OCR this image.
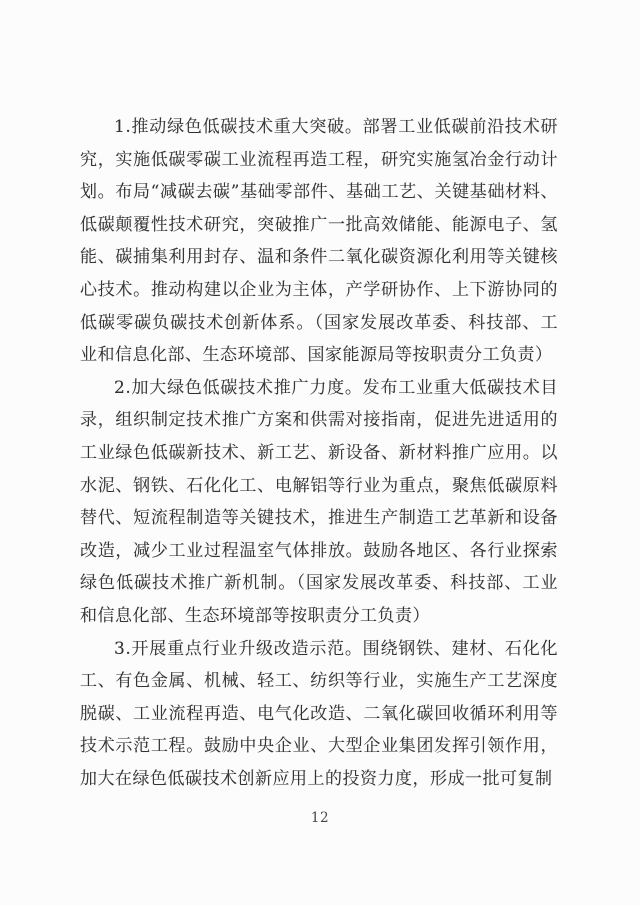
1.推动绿色低碳技术重大突破。部署工业低碳前沿技术研究，实施低碳零碳工业流程再造工程，研究实施氢冶金行动计划。布局“减碳去碳”基础零部件、基础工艺、关键基础材料、低碳颠覆性技术研究，突破推广一批高效储能、能源电子、氢能、碳捕集利用封存、温和条件二氧化碳资源化利用等关键核心技术。推动构建以企业为主体，产学研协作、上下游协同的低碳零碳负碳技术创新体系。（国家发展改革委、科技部、工业和信息化部、生态环境部、国家能源局等按职责分工负责）

2.加大绿色低碳技术推广力度。发布工业重大低碳技术目录，组织制定技术推广方案和供需对接指南，促进先进适用的工业绿色低碳新技术、新工艺、新设备、新材料推广应用。以水泥、钢铁、石化化工、电解铝等行业为重点，聚焦低碳原料替代、短流程制造等关键技术，推进生产制造工艺革新和设备改造，减少工业过程温室气体排放。鼓励各地区、各行业探索绿色低碳技术推广新机制。（国家发展改革委、科技部、工业和信息化部、生态环境部等按职责分工负责）

3.开展重点行业升级改造示范。围绕钢铁、建材、石化化工、有色金属、机械、轻工、纺织等行业，实施生产工艺深度脱碳、工业流程再造、电气化改造、二氧化碳回收循环利用等技术示范工程。鼓励中央企业、大型企业集团发挥引领作用，加大在绿色低碳技术创新应用上的投资力度，形成一批可复制

12
